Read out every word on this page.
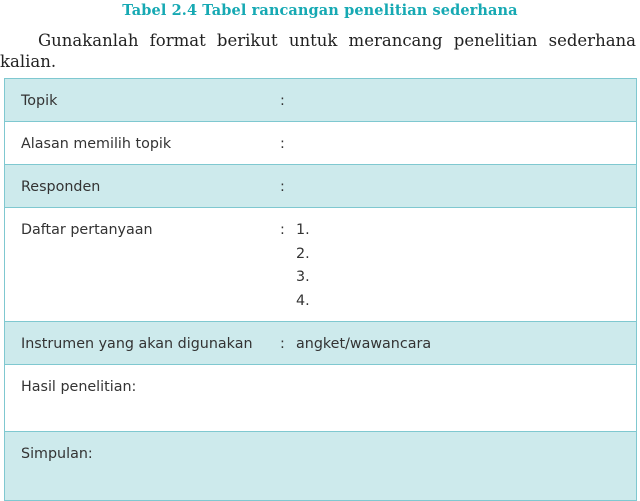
Tabel 2.4 Tabel rancangan penelitian sederhana
Gunakanlah format berikut untuk merancang penelitian sederhana kalian.
Topik	:

Alasan memilih topik	:

Responden	:

Daftar pertanyaan	: 1.
2.
3.
4.

Instrumen yang akan digunakan	: angket/wawancara

Hasil penelitian:

Simpulan:
